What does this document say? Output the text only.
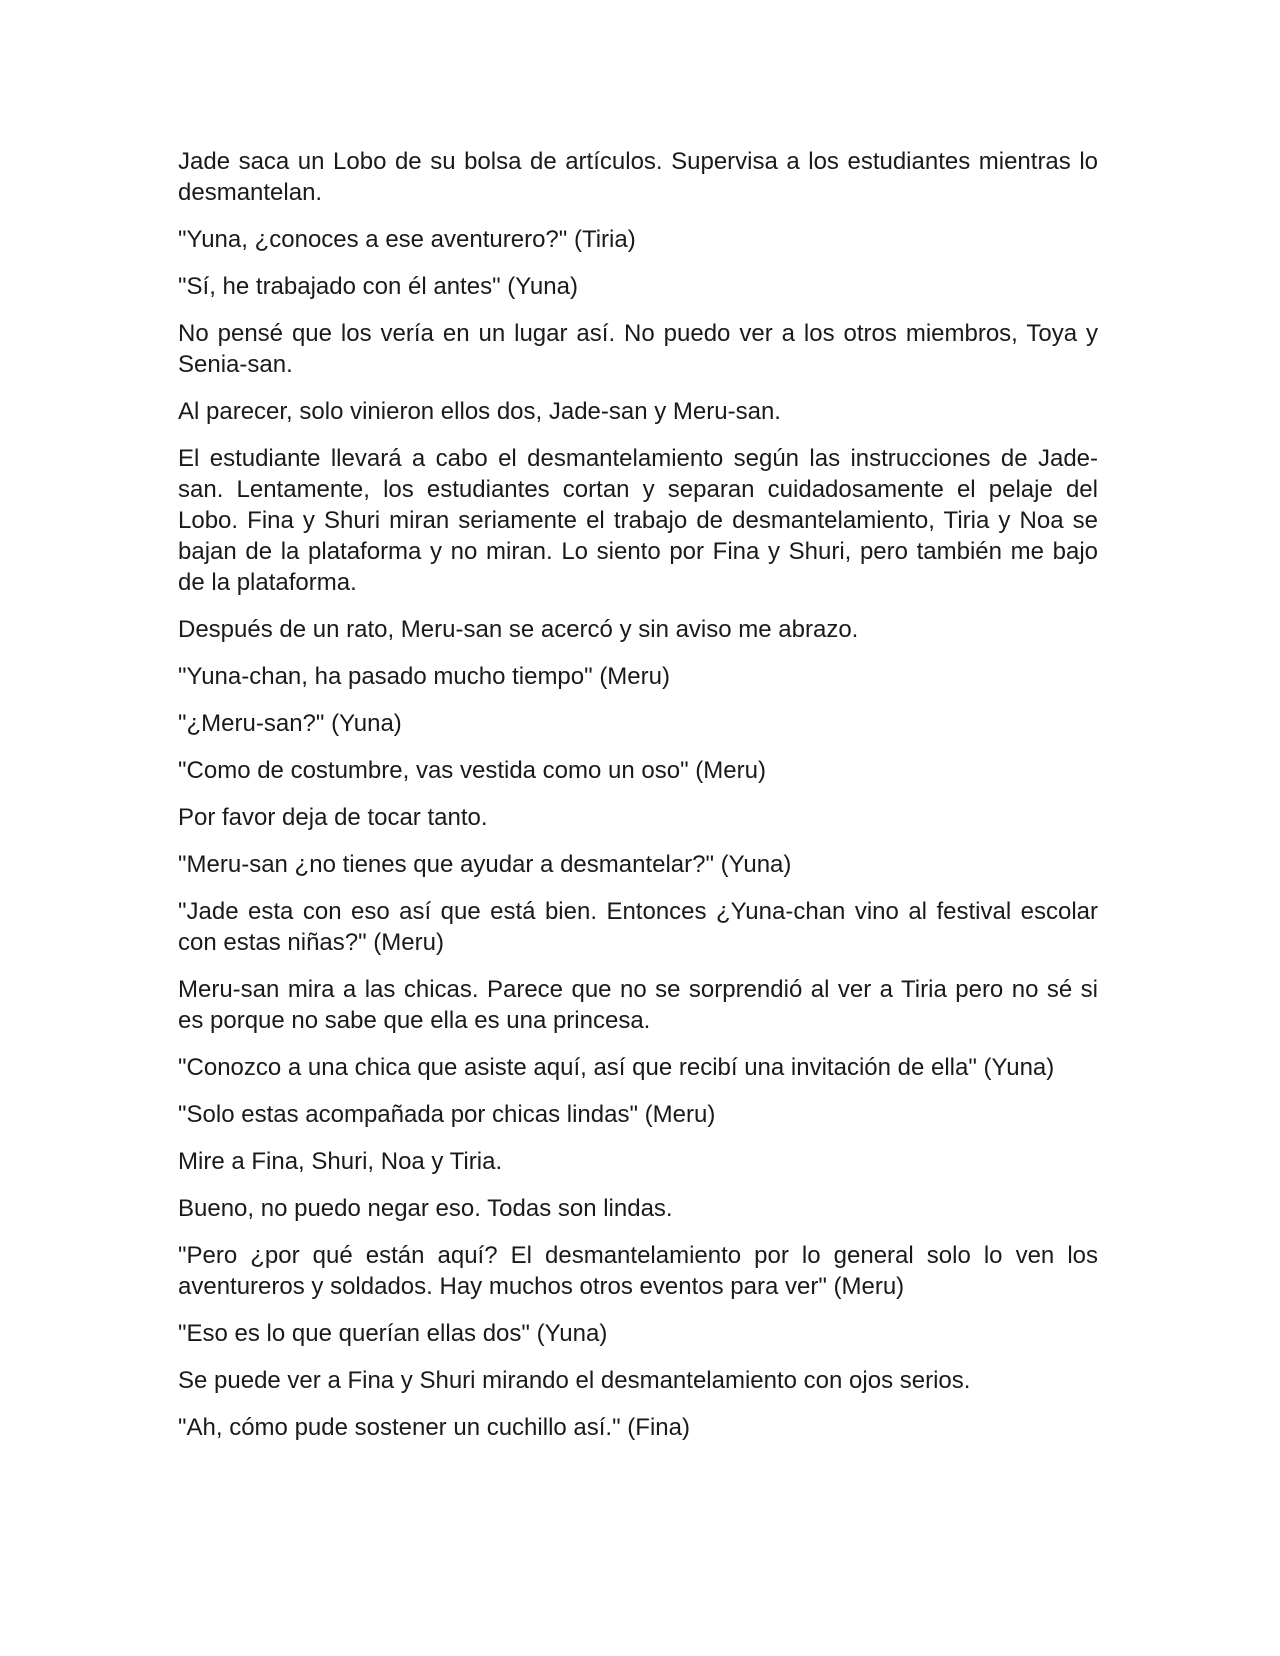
Jade saca un Lobo de su bolsa de artículos. Supervisa a los estudiantes mientras lo desmantelan.

"Yuna, ¿conoces a ese aventurero?" (Tiria)

"Sí, he trabajado con él antes" (Yuna)

No pensé que los vería en un lugar así. No puedo ver a los otros miembros, Toya y Senia-san.

Al parecer, solo vinieron ellos dos, Jade-san y Meru-san.

El estudiante llevará a cabo el desmantelamiento según las instrucciones de Jade-san. Lentamente, los estudiantes cortan y separan cuidadosamente el pelaje del Lobo. Fina y Shuri miran seriamente el trabajo de desmantelamiento, Tiria y Noa se bajan de la plataforma y no miran. Lo siento por Fina y Shuri, pero también me bajo de la plataforma.

Después de un rato, Meru-san se acercó y sin aviso me abrazo.

"Yuna-chan, ha pasado mucho tiempo" (Meru)

"¿Meru-san?" (Yuna)

"Como de costumbre, vas vestida como un oso" (Meru)

Por favor deja de tocar tanto.

"Meru-san ¿no tienes que ayudar a desmantelar?" (Yuna)

"Jade esta con eso así que está bien. Entonces ¿Yuna-chan vino al festival escolar con estas niñas?" (Meru)

Meru-san mira a las chicas. Parece que no se sorprendió al ver a Tiria pero no sé si es porque no sabe que ella es una princesa.

"Conozco a una chica que asiste aquí, así que recibí una invitación de ella" (Yuna)

"Solo estas acompañada por chicas lindas" (Meru)

Mire a Fina, Shuri, Noa y Tiria.

Bueno, no puedo negar eso. Todas son lindas.

"Pero ¿por qué están aquí? El desmantelamiento por lo general solo lo ven los aventureros y soldados. Hay muchos otros eventos para ver" (Meru)

"Eso es lo que querían ellas dos" (Yuna)

Se puede ver a Fina y Shuri mirando el desmantelamiento con ojos serios.

"Ah, cómo pude sostener un cuchillo así." (Fina)
